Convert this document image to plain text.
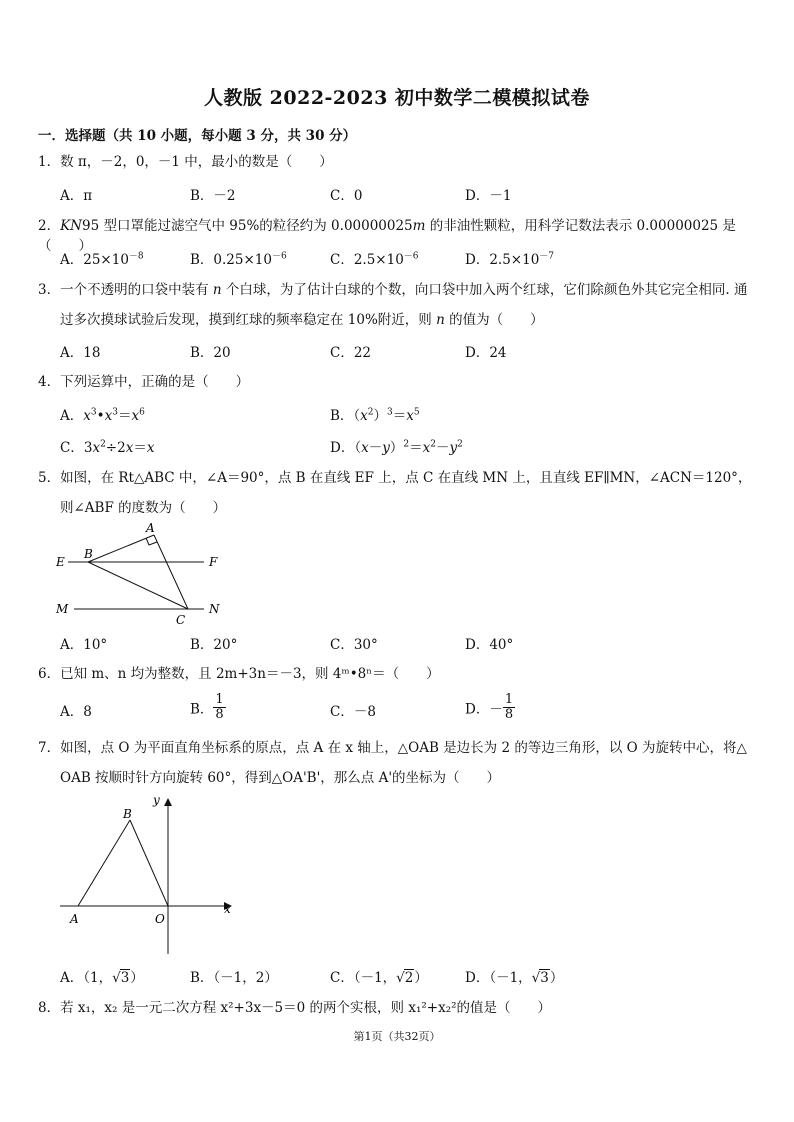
人教版 2022-2023 初中数学二模模拟试卷
一．选择题（共 10 小题，每小题 3 分，共 30 分）
1．数 π，－2，0，－1 中，最小的数是（　　）
A．π	B．－2	C．0	D．－1
2．KN95 型口罩能过滤空气中 95%的粒径约为 0.00000025m 的非油性颗粒，用科学记数法表示 0.00000025 是（　　）
A．$25\times 10^{-8}$	B．$0.25\times 10^{-6}$	C．$2.5\times 10^{-6}$	D．$2.5\times 10^{-7}$
3．一个不透明的口袋中装有 n 个白球，为了估计白球的个数，向口袋中加入两个红球，它们除颜色外其它完全相同. 通
过多次摸球试验后发现，摸到红球的频率稳定在 10%附近，则 n 的值为（　　）
A．18	B．20	C．22	D．24
4．下列运算中，正确的是（　　）
A．$x^3•x^3=x^6$	B．$(x^2)^3=x^5$
C．$3x^2\div 2x=x$	D．$(x-y)^2=x^2-y^2$
5．如图，在 Rt△ABC 中，∠A＝90°，点 B 在直线 EF 上，点 C 在直线 MN 上，且直线 EF∥MN，∠ACN＝120°，
则∠ABF 的度数为（　　）
A
B
C
E	F
M	N
A．10°	B．20°	C．30°	D．40°
6．已知 m、n 均为整数，且 2m+3n＝－3，则 4ᵐ•8ⁿ＝（　　）
A．8	B． $\frac{1}{8}$	C．－8	D．－ $\frac{1}{8}$
7．如图，点 O 为平面直角坐标系的原点，点 A 在 x 轴上，△OAB 是边长为 2 的等边三角形，以 O 为旋转中心，将△
OAB 按顺时针方向旋转 60°，得到△OA'B'，那么点 A'的坐标为（　　）
B
A	O
x
y
A．（1，√3）	B．（－1，2）	C．（－1，√2）	D．（－1，√3）
8．若 x₁，x₂ 是一元二次方程 x²+3x－5＝0 的两个实根，则 x₁²+x₂²的值是（　　）
第1页（共32页）
